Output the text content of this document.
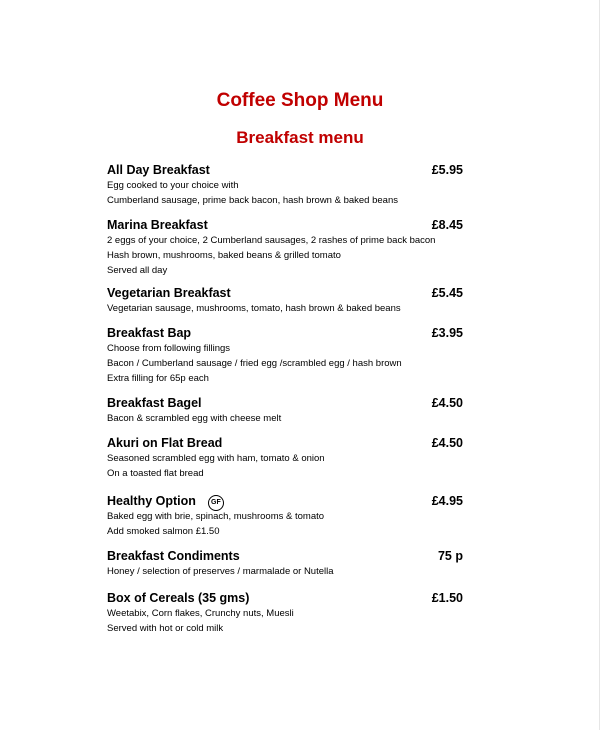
Coffee Shop Menu
Breakfast menu
All Day Breakfast	£5.95
Egg cooked to your choice with
Cumberland sausage, prime back bacon, hash brown & baked beans
Marina Breakfast	£8.45
2 eggs of your choice, 2 Cumberland sausages, 2 rashes of prime back bacon
Hash brown, mushrooms, baked beans & grilled tomato
Served all day
Vegetarian Breakfast	£5.45
Vegetarian sausage, mushrooms, tomato, hash brown & baked beans
Breakfast Bap	£3.95
Choose from following fillings
Bacon / Cumberland sausage / fried egg /scrambled egg / hash brown
Extra filling for 65p each
Breakfast Bagel	£4.50
Bacon & scrambled egg with cheese melt
Akuri on Flat Bread	£4.50
Seasoned scrambled egg with ham, tomato & onion
On a toasted flat bread
Healthy Option GF	£4.95
Baked egg with brie, spinach, mushrooms & tomato
Add smoked salmon £1.50
Breakfast Condiments	75 p
Honey / selection of preserves / marmalade or Nutella
Box of Cereals (35 gms)	£1.50
Weetabix, Corn flakes, Crunchy nuts, Muesli
Served with hot or cold milk
